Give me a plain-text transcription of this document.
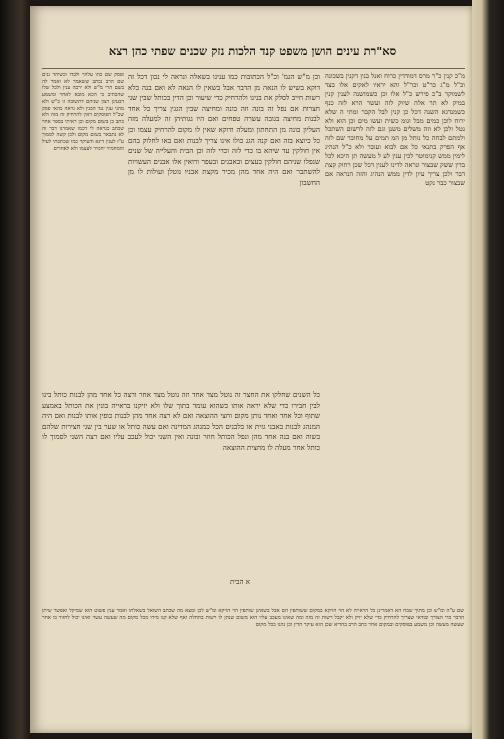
סא"רת עינים הושן משפט קנד הלכות נזק שכנים שפתי כהן רצא
מ"כ קנין כ"ר מרס דמודדין כרוח ואנל בנין דקנין בשכונה וכ"ל מ"ג כר"ט וכר"ל והא יראיו לאקים אלו בצד לשמוקר ב"כ פירש כ"ל אלו וכן כשמושנה לענין קנין במיק לא תר אלה שיוק לזה ועשר הרא לזה כנף כשמנדגא השנה דכל כן קנין לבל הקבר ומתי ה שלא ירוח לוכן כמים מבל וגומ כשית ועשו מים וכן הוא ולא נטל ולכן לא וזה משלים משנן וגם לזה לרשום השתכל ולמתם לבחה כל נותל מן המ תמים על מחובר שם לזה אף הפרק בתנאי כל אם לבוא ועובר ולא כ"ל הנהיג לימין ממש קנימוטר לכין ענין לע ל מעשה תן היכא לכל בדין ששק שבצור ונראה לדינו לענין דכל שכן רחוק קצת דבר ולכן צריך עיון לדין ממש הנהיג והזה הנראה אם שבצור כבר נקט
וכן מ"ש הגמ' וכ"ל הכתובות כמו ענינו בשאלה ונראה לי נכון דכל זה דוקא בשיש לו הנאה מן הדבר אבל בשאין לו הנאה לא ואם בנה בלא רשות חייב לסלק את בנינו ולהרחיק כדי שיעור וכן הדין בכותל שבין שני חצרות אם נפל זה בונה וזה בונה ומחיצה שבין הגגין צריך כל אחד לבנות מחיצה בגובה עשרה טפחים ואם היו גגותיהן זה למעלה מזה העליון בונה מן התחתון ומעלה ודוקא שאין לו מקום להרחיק עצמו וכן כל כיוצא בזה ואם קנה הגג כולו אינו צריך לבנות ואם באו לחלוק בהם אין חולקין עד שיהא בו כדי לזה וכדי לזה וכן הבית והעלייה של שנים שנפלו שניהם חולקין בעצים ובאבנים ובעפר ורואין אלו אבנים העשויות להשתבר ואם היה אחד מהן מכיר מקצת אבניו נוטלן ועולות לו מן החשבון
ופסק שם כהו עלהר ולבדו וכשיהד ננים שם הרב נכתב ששאמר לא ואמר לה בשם הרי מ"ש ולא ירבה ענין ולכל שלו שהכתיב כי הכא מובא לאחר ומשמע דבעינן רצון שניהם דתשובה זו כ"ש ולא מהני ענין נגד הבנין ולא נראה כהאי פסק שכ"ל הפוסקים דאין להרחיק זה מזה ולא כתב כן בשום מקום וכן ראיתי בספר אחר שכתב כנראה לי דכמו שאמרנו דבר זה לא נתבאר בשום מקום ולכן קשה לסמוך ע"ז לענין דינא והעיקר כמו שכתבתי לעיל והמחמיר יחמיר לעצמו ולא לאחרים
כל השנים שחלקו את החצר זה נוטל מצד אחד וזה נוטל מצד אחר ורצה כל אחד מהן לבנות כותל בינו לבין חבירו כדי שלא יראה אותו כשהוא עומד בתוך שלו ולא יזיקנו בראייה בונין את הכותל באמצע שתוף וכל אחד ואחד נותן מקום וחצי ההוצאה ואם לא רצה אחד מהן לבנות כופין אותו לבנות ואם היה המנהג לבנות באבני גזית או בלבנים הכל כמנהג המדינה ואם עשה כותל או שער בין שני חצירות שלהם בשוה ואם בנה אחד מהן ונפל הכותל חוזר ובונה ואין השני יכול לעכב עליו ואם רצה השני לסמוך לו כותל אחר מעלה לו מחצית ההוצאה
א הבית
שם ע"ה ומ"ש וכן מתוך שבח הא דאמרינן כל הראייה לא הוי הזיקא במקום ששותפין הם אבל בשאינן שותפין הוי הזיקא ומ"ש לכן ומצא מה שכתב השואל בשאלתו ואמר ענין פשוט הוא שמיקל ואפשר שיתן הדבר כדי הצורך ובודאי שצריך להרחיק כדי שלא יזיק ולא יקבל רשות זה מזה ומה שאינו מעכב עליו הוא משום שנתן לו רשות בתחלה ואף שלא קנו מידו מכל מקום מה שעשה עשוי ואינו יכול לחזור בו אחר שעשה מעשה וכן משמע בפוסקים ובמקום אחר כתב הרב בהדיא שכן הוא עיקר הדין וכן נהגו בכל מקום
